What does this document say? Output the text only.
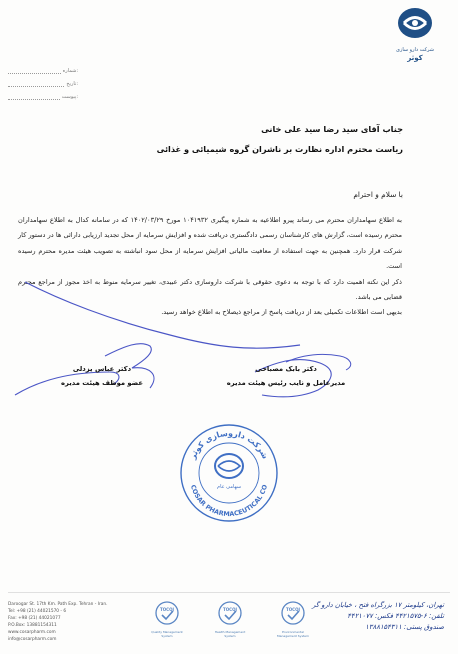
شرکت دارو سازی
کوثر
شماره:
تاریخ:
پیوست:
جناب آقای سید رضا سید علی خانی
ریاست محترم اداره نظارت بر ناشران گروه شیمیائی و غذائی
با سلام و احترام

به اطلاع سهامداران محترم می رساند پیرو اطلاعیه به شماره پیگیری ۱۰۴۱۹۳۲ مورخ ۱۴۰۲/۰۳/۲۹ که در سامانه کدال به اطلاع سهامداران محترم رسیده است، گزارش های کارشناسان رسمی دادگستری دریافت شده و افزایش سرمایه از محل تجدید ارزیابی دارائی ها در دستور کار شرکت قرار دارد. همچنین به جهت استفاده از معافیت مالیاتی افزایش سرمایه از محل سود انباشته به تصویب هیئت مدیره محترم رسیده است.

ذکر این نکته اهمیت دارد که با توجه به دعوی حقوقی با شرکت داروسازی دکتر عبیدی، تغییر سرمایه منوط به اخذ مجوز از مراجع محترم قضایی می باشد.

بدیهی است اطلاعات تکمیلی بعد از دریافت پاسخ از مراجع ذیصلاح به اطلاع خواهد رسید.

دکتر بابک مصباحی
مدیرعامل و نایب رئیس هیئت مدیره
دکتر عباس یزدلی
عضو موظف هیئت مدیره
شرکت داروسازی کوثر
COSAR PHARMACEUTICAL CO
سهامی عام
Daroogar St. 17th Km. Path Exp. Tehran - Iran.
Tel: +98 (21) 44021570 - 6
Fax: +98 (21) 44021077
P.O.Box: 13881154311
www.cosarpharm.com
info@cosarpharm.com
TOCQI
Quality Management System
TOCQI
Health Management System
TOCQI
Environmental Management System
تهران، کیلومتر ۱۷ بزرگراه فتح ، خیابان دارو گر
تلفن: ۶-۴۴۲۱۵۷۵ فکس: ۴۴۲۱۰۷۷
صندوق پستی: ۱۳۸۸۱۵۴۳۱۱
